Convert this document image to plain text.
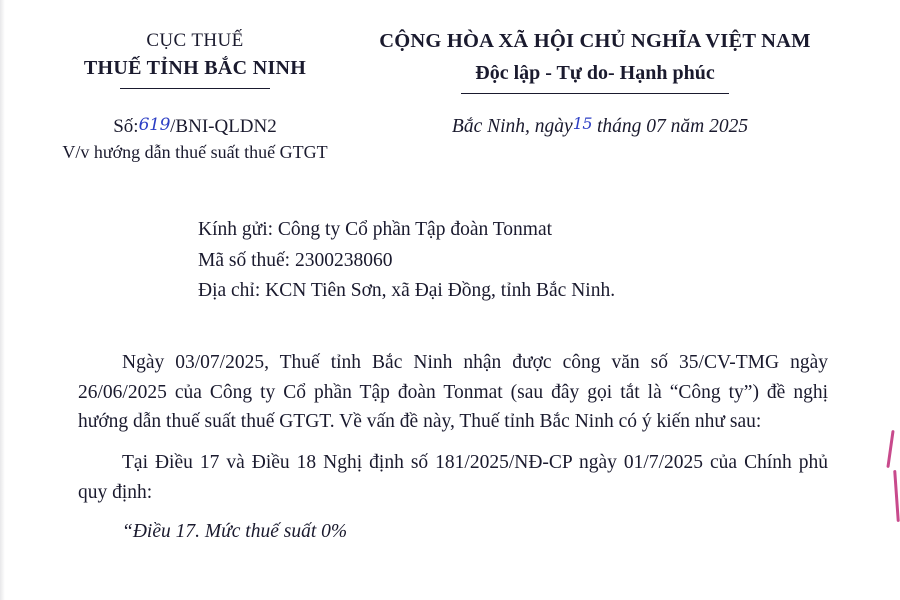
CỤC THUẾ
THUẾ TỈNH BẮC NINH
CỘNG HÒA XÃ HỘI CHỦ NGHĨA VIỆT NAM
Độc lập - Tự do- Hạnh phúc
Số:619/BNI-QLDN2
V/v hướng dẫn thuế suất thuế GTGT
Bắc Ninh, ngày15 tháng 07 năm 2025
Kính gửi: Công ty Cổ phần Tập đoàn Tonmat
Mã số thuế: 2300238060
Địa chỉ: KCN Tiên Sơn, xã Đại Đồng, tỉnh Bắc Ninh.
Ngày 03/07/2025, Thuế tỉnh Bắc Ninh nhận được công văn số 35/CV-TMG ngày 26/06/2025 của Công ty Cổ phần Tập đoàn Tonmat (sau đây gọi tắt là “Công ty”) đề nghị hướng dẫn thuế suất thuế GTGT. Về vấn đề này, Thuế tỉnh Bắc Ninh có ý kiến như sau:
Tại Điều 17 và Điều 18 Nghị định số 181/2025/NĐ-CP ngày 01/7/2025 của Chính phủ quy định:
“Điều 17. Mức thuế suất 0%
